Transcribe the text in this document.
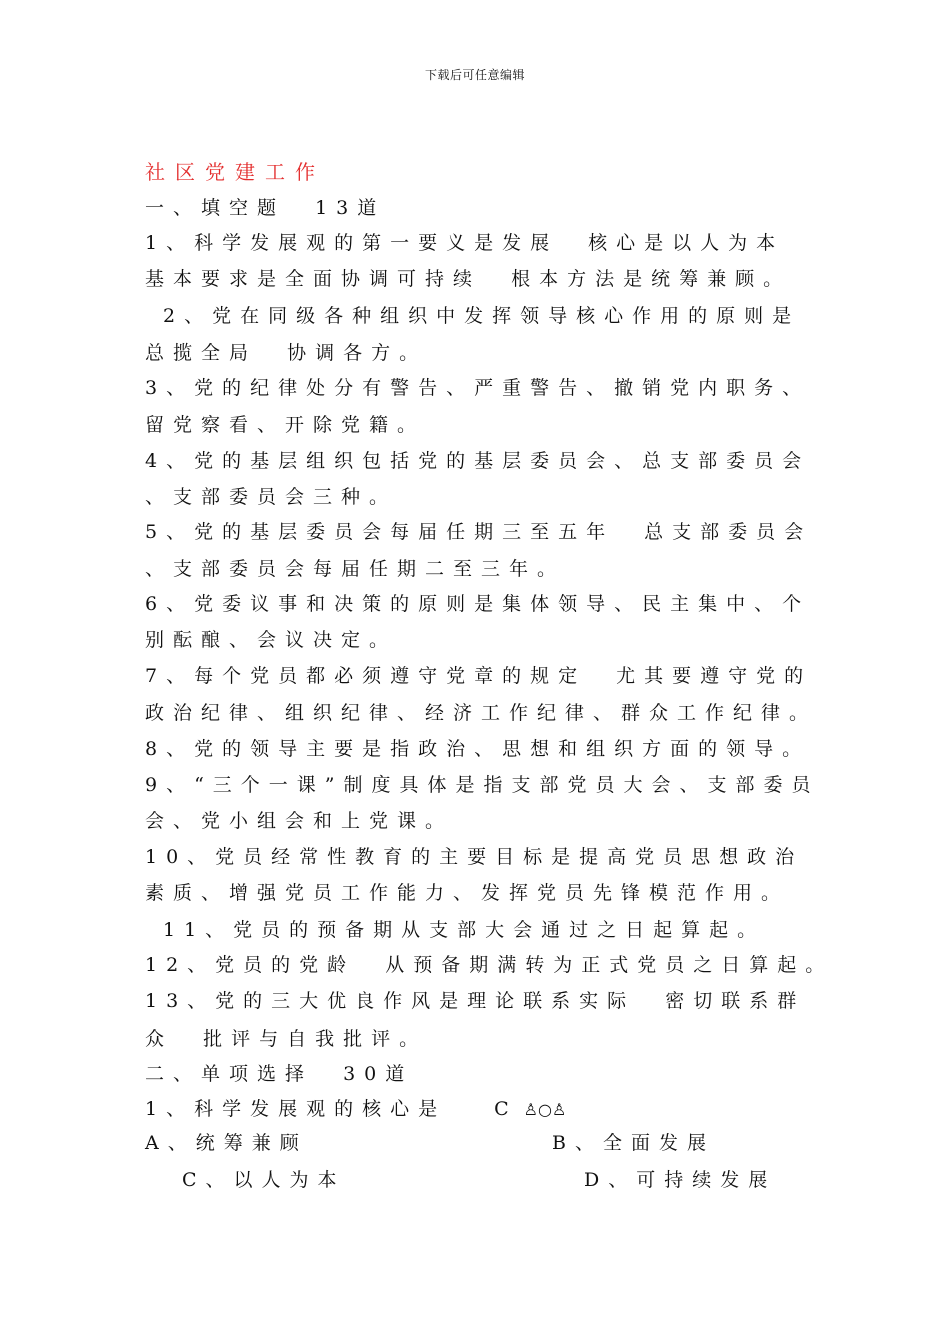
下载后可任意编辑
社区党建工作
一、填空题  13道
1、科学发展观的第一要义是发展  核心是以人为本
基本要求是全面协调可持续  根本方法是统筹兼顾。
2、党在同级各种组织中发挥领导核心作用的原则是
总揽全局  协调各方。
3、党的纪律处分有警告、严重警告、撤销党内职务、
留党察看、开除党籍。
4、党的基层组织包括党的基层委员会、总支部委员会
、支部委员会三种。
5、党的基层委员会每届任期三至五年  总支部委员会
、支部委员会每届任期二至三年。
6、党委议事和决策的原则是集体领导、民主集中、个
别酝酿、会议决定。
7、每个党员都必须遵守党章的规定  尤其要遵守党的
政治纪律、组织纪律、经济工作纪律、群众工作纪律。
8、党的领导主要是指政治、思想和组织方面的领导。
9、“三个一课”制度具体是指支部党员大会、支部委员
会、党小组会和上党课。
10、党员经常性教育的主要目标是提高党员思想政治
素质、增强党员工作能力、发挥党员先锋模范作用。
11、党员的预备期从支部大会通过之日起算起。
12、党员的党龄  从预备期满转为正式党员之日算起。
13、党的三大优良作风是理论联系实际  密切联系群
众  批评与自我批评。
二、单项选择  30道
1、科学发展观的核心是	C ♙○♙
A、统筹兼顾	B、全面发展
C、以人为本	D、可持续发展
